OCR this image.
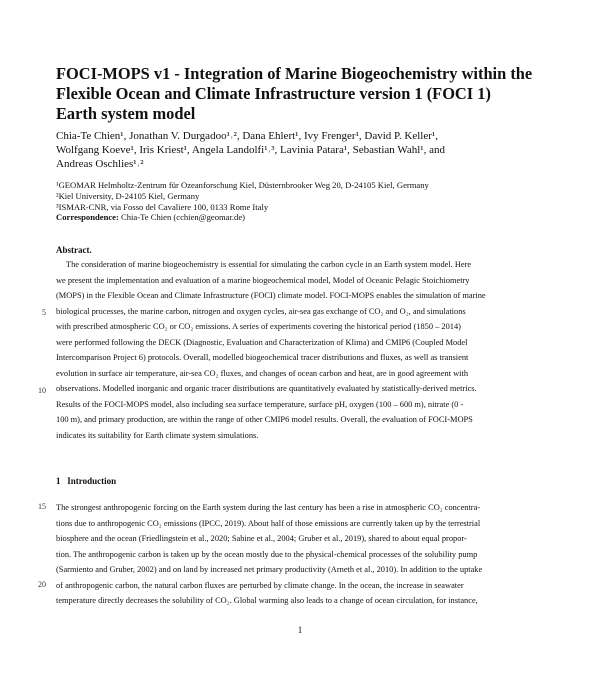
FOCI-MOPS v1 - Integration of Marine Biogeochemistry within the
Flexible Ocean and Climate Infrastructure version 1 (FOCI 1)
Earth system model
Chia-Te Chien¹, Jonathan V. Durgadoo¹˒², Dana Ehlert¹, Ivy Frenger¹, David P. Keller¹,
Wolfgang Koeve¹, Iris Kriest¹, Angela Landolfi¹˒³, Lavinia Patara¹, Sebastian Wahl¹, and
Andreas Oschlies¹˒²
¹GEOMAR Helmholtz-Zentrum für Ozeanforschung Kiel, Düsternbrooker Weg 20, D-24105 Kiel, Germany
²Kiel University, D-24105 Kiel, Germany
³ISMAR-CNR, via Fosso del Cavaliere 100, 0133 Rome Italy
Correspondence: Chia-Te Chien (cchien@geomar.de)
Abstract.
The consideration of marine biogeochemistry is essential for simulating the carbon cycle in an Earth system model. Here
we present the implementation and evaluation of a marine biogeochemical model, Model of Oceanic Pelagic Stoichiometry
(MOPS) in the Flexible Ocean and Climate Infrastructure (FOCI) climate model. FOCI-MOPS enables the simulation of marine
biological processes, the marine carbon, nitrogen and oxygen cycles, air-sea gas exchange of CO₂ and O₂, and simulations
with prescribed atmospheric CO₂ or CO₂ emissions. A series of experiments covering the historical period (1850 – 2014)
were performed following the DECK (Diagnostic, Evaluation and Characterization of Klima) and CMIP6 (Coupled Model
Intercomparison Project 6) protocols. Overall, modelled biogeochemical tracer distributions and fluxes, as well as transient
evolution in surface air temperature, air-sea CO₂ fluxes, and changes of ocean carbon and heat, are in good agreement with
observations. Modelled inorganic and organic tracer distributions are quantitatively evaluated by statistically-derived metrics.
Results of the FOCI-MOPS model, also including sea surface temperature, surface pH, oxygen (100 – 600 m), nitrate (0 -
100 m), and primary production, are within the range of other CMIP6 model results. Overall, the evaluation of FOCI-MOPS
indicates its suitability for Earth climate system simulations.
5
10
1 Introduction
The strongest anthropogenic forcing on the Earth system during the last century has been a rise in atmospheric CO₂ concentra-
tions due to anthropogenic CO₂ emissions (IPCC, 2019). About half of those emissions are currently taken up by the terrestrial
biosphere and the ocean (Friedlingstein et al., 2020; Sabine et al., 2004; Gruber et al., 2019), shared to about equal propor-
tion. The anthropogenic carbon is taken up by the ocean mostly due to the physical-chemical processes of the solubility pump
(Sarmiento and Gruber, 2002) and on land by increased net primary productivity (Arneth et al., 2010). In addition to the uptake
of anthropogenic carbon, the natural carbon fluxes are perturbed by climate change. In the ocean, the increase in seawater
temperature directly decreases the solubility of CO₂. Global warming also leads to a change of ocean circulation, for instance,
15
20
1
